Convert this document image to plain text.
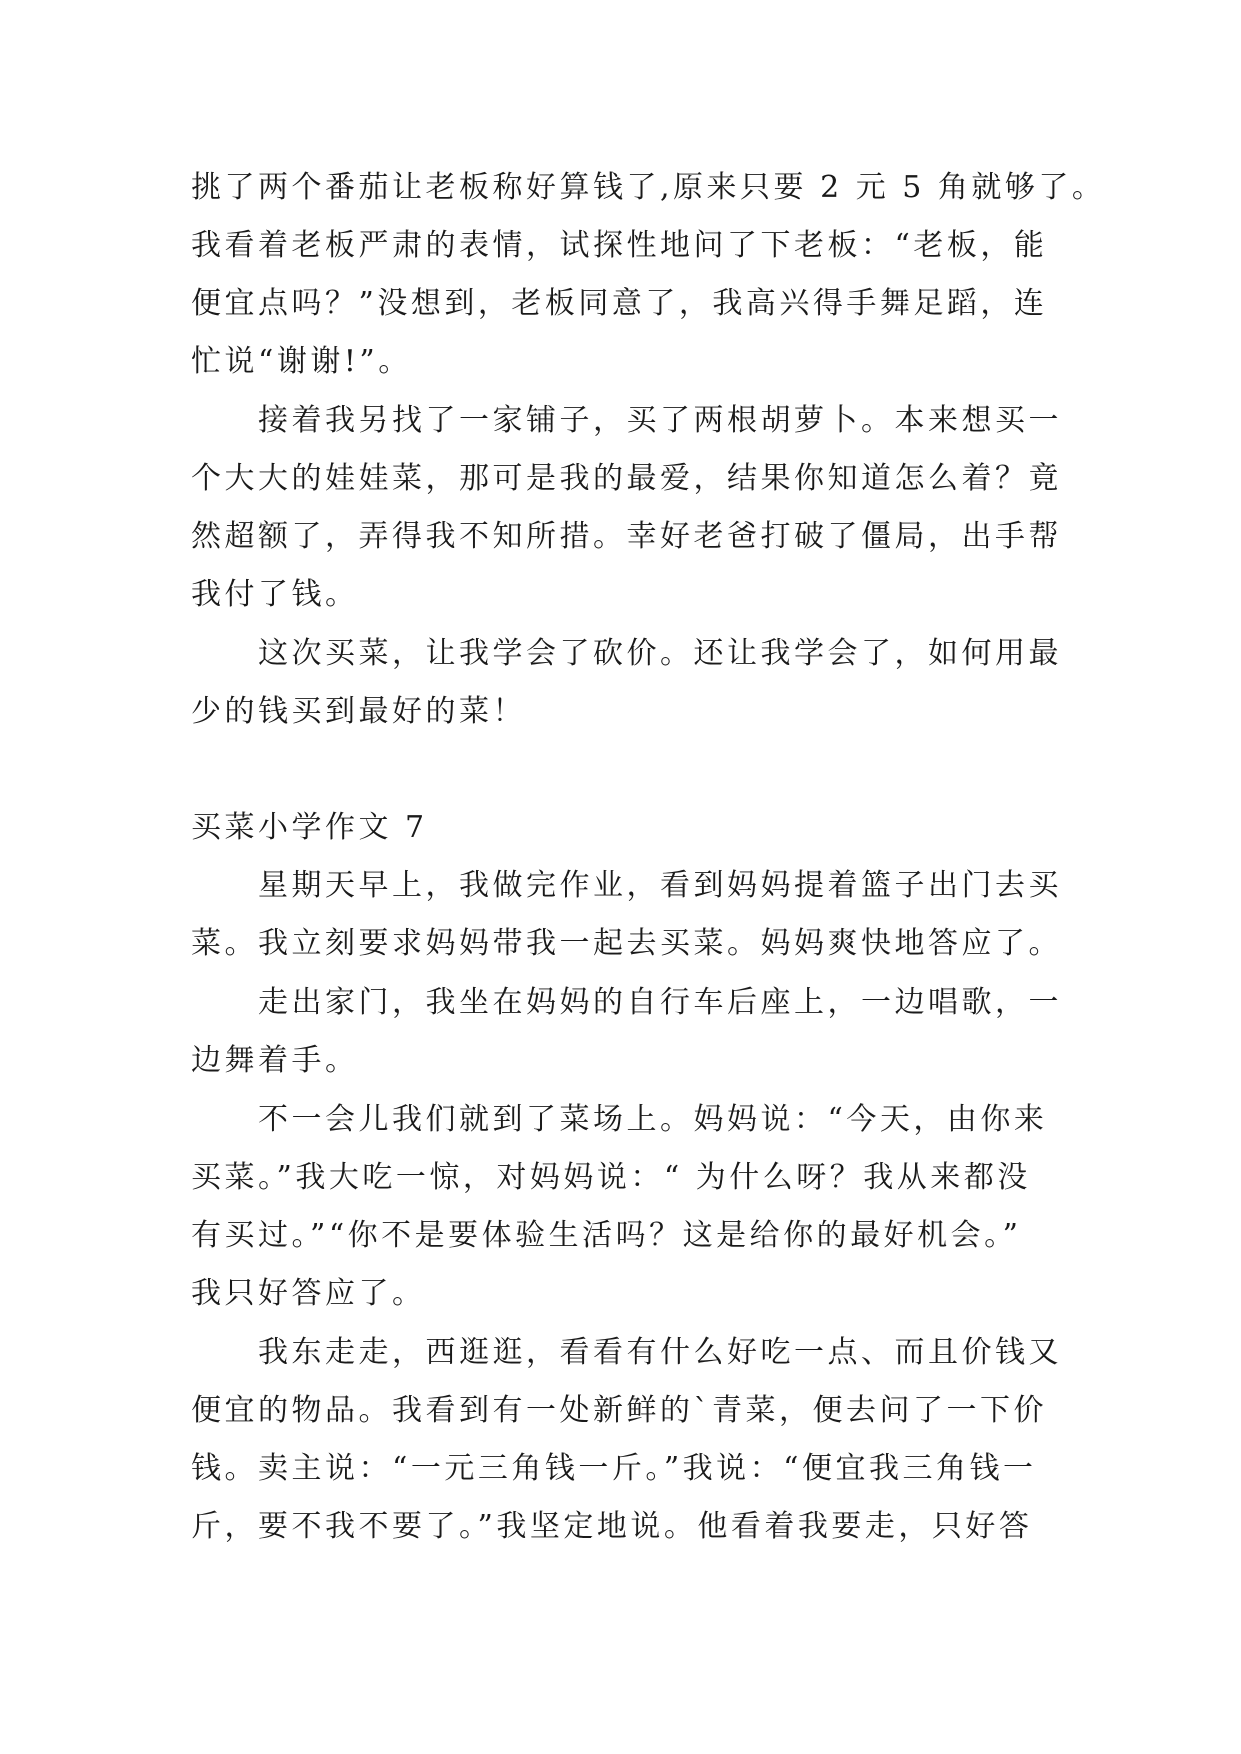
挑了两个番茄让老板称好算钱了,原来只要 2 元 5 角就够了。
我看着老板严肃的表情，试探性地问了下老板：“老板，能
便宜点吗？”没想到，老板同意了，我高兴得手舞足蹈，连
忙说“谢谢!”。
接着我另找了一家铺子，买了两根胡萝卜。本来想买一
个大大的娃娃菜，那可是我的最爱，结果你知道怎么着？竟
然超额了，弄得我不知所措。幸好老爸打破了僵局，出手帮
我付了钱。
这次买菜，让我学会了砍价。还让我学会了，如何用最
少的钱买到最好的菜！
买菜小学作文 7
星期天早上，我做完作业，看到妈妈提着篮子出门去买
菜。我立刻要求妈妈带我一起去买菜。妈妈爽快地答应了。
走出家门，我坐在妈妈的自行车后座上，一边唱歌，一
边舞着手。
不一会儿我们就到了菜场上。妈妈说：“今天，由你来
买菜。”我大吃一惊，对妈妈说：“ 为什么呀？我从来都没
有买过。”“你不是要体验生活吗？这是给你的最好机会。”
我只好答应了。
我东走走，西逛逛，看看有什么好吃一点、而且价钱又
便宜的物品。我看到有一处新鲜的`青菜，便去问了一下价
钱。卖主说：“一元三角钱一斤。”我说：“便宜我三角钱一
斤，要不我不要了。”我坚定地说。他看着我要走，只好答
